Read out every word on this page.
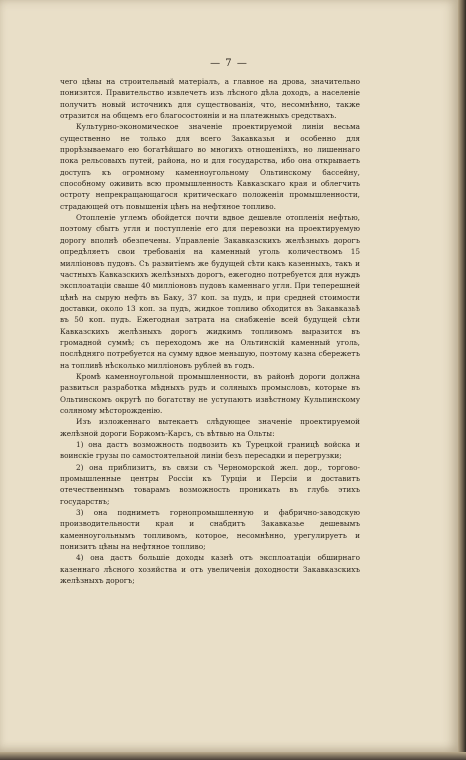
— 7 —

чего цѣны на строительный матеріалъ, а главное на дрова, значительно понизятся. Правительство извлечетъ изъ лѣсного дѣла доходъ, а населеніе получитъ новый источникъ для существованія, что, несомнѣнно, также отразится на общемъ его благосостояніи и на платежныхъ средствахъ.

Культурно-экономическое значеніе проектируемой линіи весьма существенно не только для всего Закавказья и особенно для прорѣзываемаго ею богатѣйшаго во многихъ отношеніяхъ, но лишеннаго пока рельсовыхъ путей, района, но и для государства, ибо она открываетъ доступъ къ огромному каменноугольному Ольтинскому бассейну, способному оживить всю промышленность Кавказскаго края и облегчить остроту непрекращающагося критическаго положенія промышленности, страдающей отъ повышенія цѣнъ на нефтяное топливо.

Отопленіе углемъ обойдется почти вдвое дешевле отопленія нефтью, поэтому сбытъ угля и поступленіе его для перевозки на проектируемую дорогу вполнѣ обезпечены. Управленіе Закавказскихъ желѣзныхъ дорогъ опредѣляетъ свои требованія на каменный уголь количествомъ 15 милліоновъ пудовъ. Съ развитіемъ же будущей сѣти какъ казенныхъ, такъ и частныхъ Кавказскихъ желѣзныхъ дорогъ, ежегодно потребуется для нуждъ эксплоатаціи свыше 40 милліоновъ пудовъ каменнаго угля. При теперешней цѣнѣ на сырую нефть въ Баку, 37 коп. за пудъ, и при средней стоимости доставки, около 13 коп. за пудъ, жидкое топливо обходится въ Закавказьѣ въ 50 коп. пудъ. Ежегодная затрата на снабженіе всей будущей сѣти Кавказскихъ желѣзныхъ дорогъ жидкимъ топливомъ выразится въ громадной суммѣ; съ переходомъ же на Ольтинскій каменный уголь, послѣдняго потребуется на сумму вдвое меньшую, поэтому казна сбережетъ на топливѣ нѣсколько милліоновъ рублей въ годъ.

Кромѣ каменноугольной промышленности, въ районѣ дороги должна развиться разработка мѣдныхъ рудъ и соляныхъ промысловъ, которые въ Ольтинскомъ округѣ по богатству не уступаютъ извѣстному Кульпинскому соляному мѣсторожденію.

Изъ изложеннаго вытекаетъ слѣдующее значеніе проектируемой желѣзной дороги Боржомъ-Карсъ, съ вѣтвью на Ольты:

1) она дастъ возможность подвозить къ Турецкой границѣ войска и воинскіе грузы по самостоятельной линіи безъ пересадки и перегрузки;

2) она приблизитъ, въ связи съ Черноморской жел. дор., торгово-промышленные центры Россіи къ Турціи и Персіи и доставитъ отечественнымъ товарамъ возможность проникать въ глубь этихъ государствъ;

3) она подниметъ горнопромышленную и фабрично-заводскую производительности края и снабдитъ Закавказье дешевымъ каменноугольнымъ топливомъ, которое, несомнѣнно, урегулируетъ и понизитъ цѣны на нефтяное топливо;

4) она дастъ большіе доходы казнѣ отъ эксплоатаціи обширнаго казеннаго лѣсного хозяйства и отъ увеличенія доходности Закавказскихъ желѣзныхъ дорогъ;
